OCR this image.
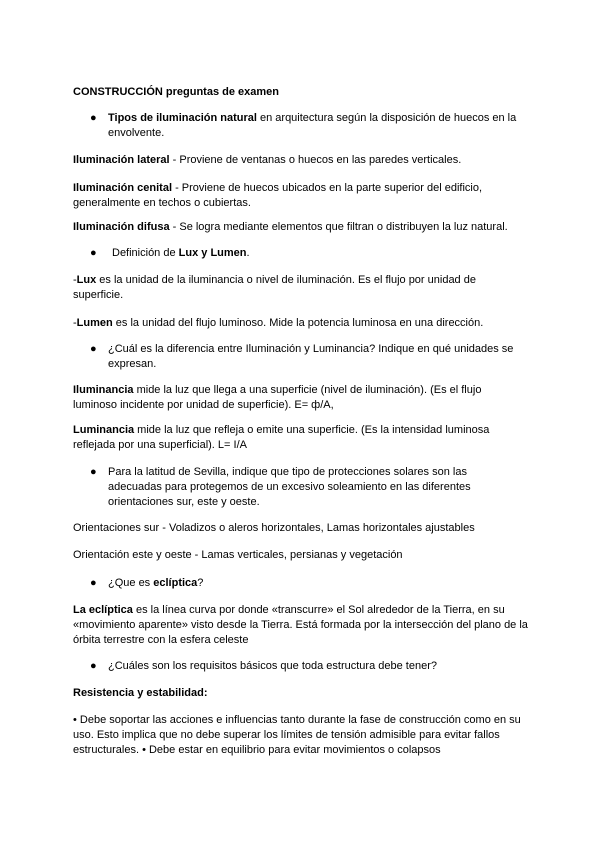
CONSTRUCCIÓN preguntas de examen
●	Tipos de iluminación natural en arquitectura según la disposición de huecos en la envolvente.
Iluminación lateral - Proviene de ventanas o huecos en las paredes verticales.
Iluminación cenital - Proviene de huecos ubicados en la parte superior del edificio, generalmente en techos o cubiertas.
Iluminación difusa - Se logra mediante elementos que filtran o distribuyen la luz natural.
●	Definición de Lux y Lumen.
-Lux es la unidad de la iluminancia o nivel de iluminación. Es el flujo por unidad de superficie.
-Lumen es la unidad del flujo luminoso. Mide la potencia luminosa en una dirección.
●	¿Cuál es la diferencia entre Iluminación y Luminancia? Indique en qué unidades se expresan.
Iluminancia mide la luz que llega a una superficie (nivel de iluminación). (Es el flujo luminoso incidente por unidad de superficie). E= ф/A,
Luminancia mide la luz que refleja o emite una superficie. (Es la intensidad luminosa reflejada por una superficial). L= I/A
●	Para la latitud de Sevilla, indique que tipo de protecciones solares son las adecuadas para protegemos de un excesivo soleamiento en las diferentes orientaciones sur, este y oeste.
Orientaciones sur - Voladizos o aleros horizontales, Lamas horizontales ajustables
Orientación este y oeste - Lamas verticales, persianas y vegetación
●	¿Que es eclíptica?
La eclíptica es la línea curva por donde «transcurre» el Sol alrededor de la Tierra, en su «movimiento aparente» visto desde la Tierra. Está formada por la intersección del plano de la órbita terrestre con la esfera celeste
●	¿Cuáles son los requisitos básicos que toda estructura debe tener?
Resistencia y estabilidad:
• Debe soportar las acciones e influencias tanto durante la fase de construcción como en su uso. Esto implica que no debe superar los límites de tensión admisible para evitar fallos estructurales. • Debe estar en equilibrio para evitar movimientos o colapsos
